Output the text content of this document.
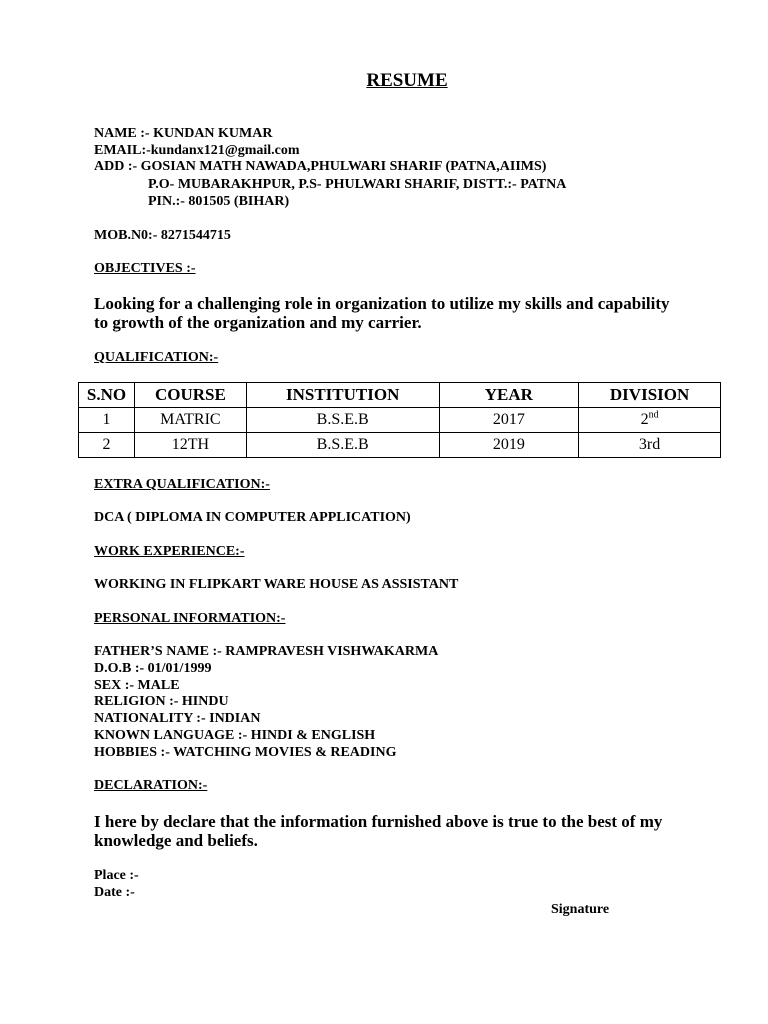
RESUME
NAME :- KUNDAN KUMAR
EMAIL:-kundanx121@gmail.com
ADD :- GOSIAN MATH NAWADA,PHULWARI SHARIF (PATNA,AIIMS)
P.O- MUBARAKHPUR, P.S- PHULWARI SHARIF, DISTT.:- PATNA
PIN.:- 801505 (BIHAR)
MOB.N0:- 8271544715
OBJECTIVES :-
Looking for a challenging role in organization to utilize my skills and capability
to growth of the organization and my carrier.
QUALIFICATION:-
S.NO	COURSE	INSTITUTION	YEAR	DIVISION
1	MATRIC	B.S.E.B	2017	2nd
2	12TH	B.S.E.B	2019	3rd
EXTRA QUALIFICATION:-
DCA ( DIPLOMA IN COMPUTER APPLICATION)
WORK EXPERIENCE:-
WORKING IN FLIPKART WARE HOUSE AS ASSISTANT
PERSONAL INFORMATION:-
FATHER’S NAME :- RAMPRAVESH VISHWAKARMA
D.O.B :- 01/01/1999
SEX :- MALE
RELIGION :- HINDU
NATIONALITY :- INDIAN
KNOWN LANGUAGE :- HINDI & ENGLISH
HOBBIES :- WATCHING MOVIES & READING
DECLARATION:-
I here by declare that the information furnished above is true to the best of my
knowledge and beliefs.
Place :-
Date :-
Signature
